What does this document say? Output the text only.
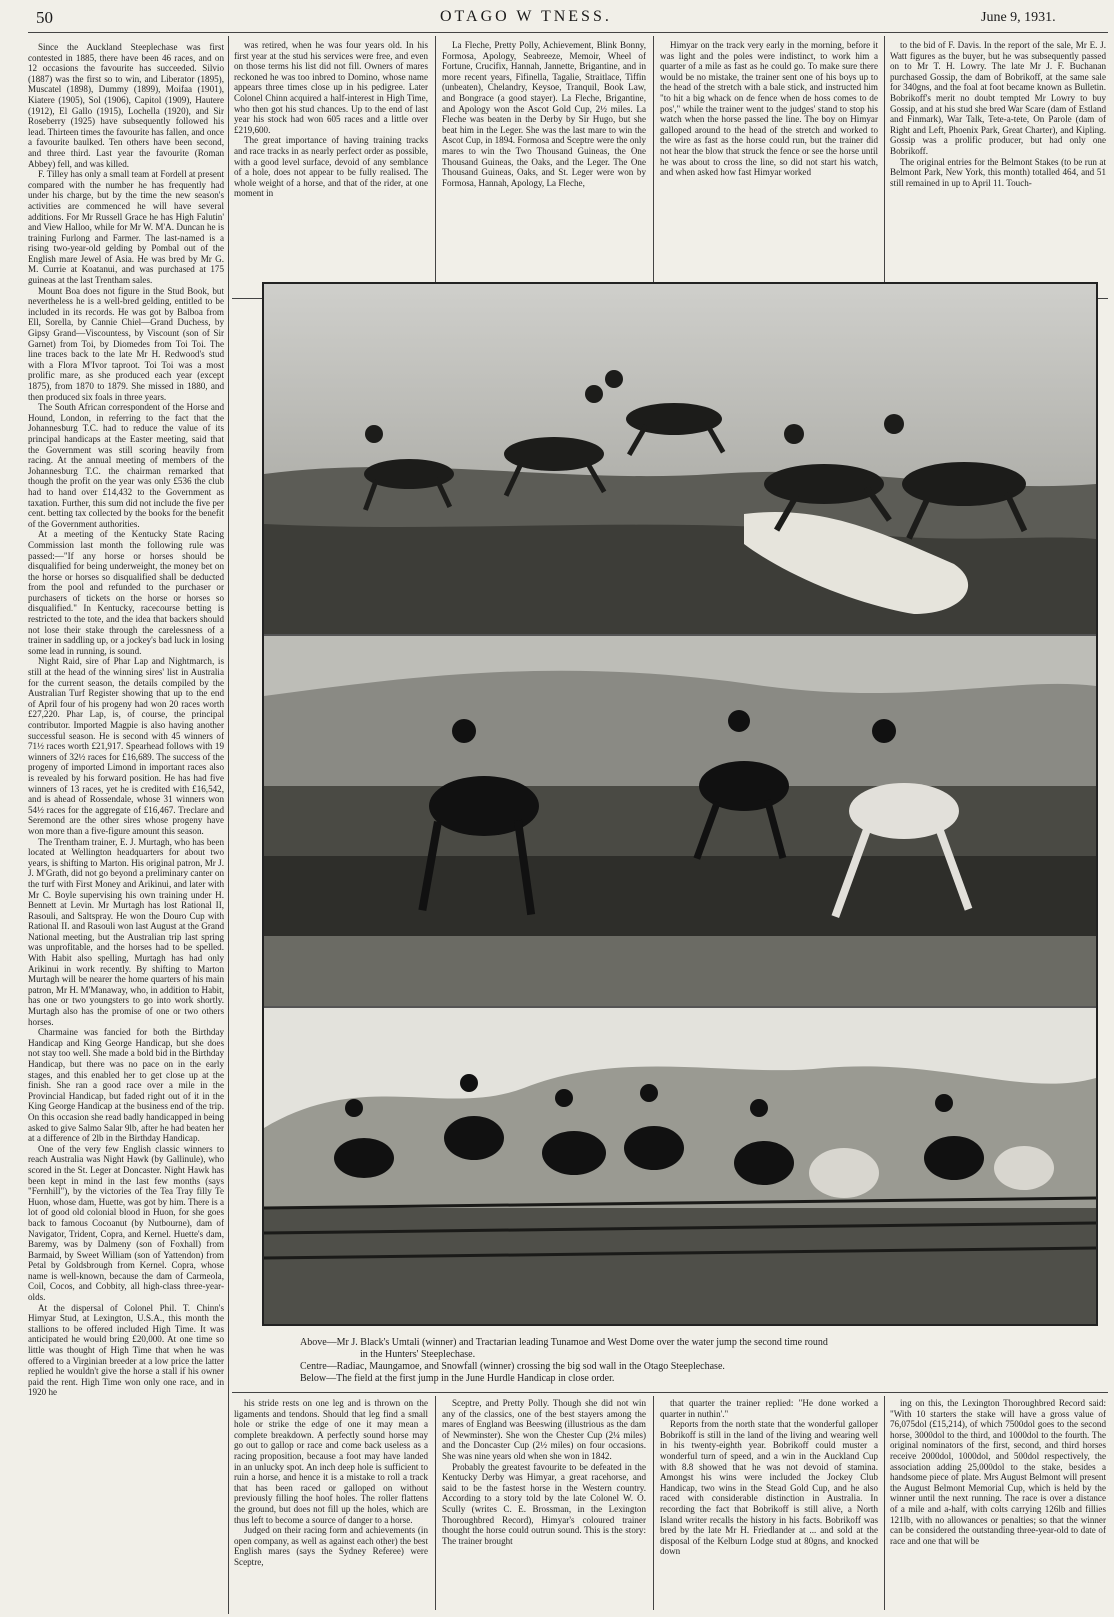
50	OTAGO W TNESS.	June 9, 1931.

Since the Auckland Steeplechase was first contested in 1885, there have been 46 races, and on 12 occasions the favourite has succeeded. Silvio (1887) was the first so to win, and Liberator (1895), Muscatel (1898), Dummy (1899), Moifaa (1901), Kiatere (1905), Sol (1906), Capitol (1909), Hautere (1912), El Gallo (1915), Lochella (1920), and Sir Roseberry (1925) have subsequently followed his lead. Thirteen times the favourite has fallen, and once a favourite baulked. Ten others have been second, and three third. Last year the favourite (Roman Abbey) fell, and was killed.

F. Tilley has only a small team at Fordell at present compared with the number he has frequently had under his charge, but by the time the new season's activities are commenced he will have several additions. For Mr Russell Grace he has High Falutin' and View Halloo, while for Mr W. M'A. Duncan he is training Furlong and Farmer. The last-named is a rising two-year-old gelding by Pombal out of the English mare Jewel of Asia. He was bred by Mr G. M. Currie at Koatanui, and was purchased at 175 guineas at the last Trentham sales.

Mount Boa does not figure in the Stud Book, but nevertheless he is a well-bred gelding, entitled to be included in its records. He was got by Balboa from Ell, Sorella, by Cannie Chiel—Grand Duchess, by Gipsy Grand—Viscountess, by Viscount (son of Sir Garnet) from Toi, by Diomedes from Toi Toi. The line traces back to the late Mr H. Redwood's stud with a Flora M'Ivor taproot. Toi Toi was a most prolific mare, as she produced each year (except 1875), from 1870 to 1879. She missed in 1880, and then produced six foals in three years.

The South African correspondent of the Horse and Hound, London, in referring to the fact that the Johannesburg T.C. had to reduce the value of its principal handicaps at the Easter meeting, said that the Government was still scoring heavily from racing. At the annual meeting of members of the Johannesburg T.C. the chairman remarked that though the profit on the year was only £536 the club had to hand over £14,432 to the Government as taxation. Further, this sum did not include the five per cent. betting tax collected by the books for the benefit of the Government authorities.

At a meeting of the Kentucky State Racing Commission last month the following rule was passed:—"If any horse or horses should be disqualified for being underweight, the money bet on the horse or horses so disqualified shall be deducted from the pool and refunded to the purchaser or purchasers of tickets on the horse or horses so disqualified." In Kentucky, racecourse betting is restricted to the tote, and the idea that backers should not lose their stake through the carelessness of a trainer in saddling up, or a jockey's bad luck in losing some lead in running, is sound.

Night Raid, sire of Phar Lap and Nightmarch, is still at the head of the winning sires' list in Australia for the current season, the details compiled by the Australian Turf Register showing that up to the end of April four of his progeny had won 20 races worth £27,220. Phar Lap, is, of course, the principal contributor. Imported Magpie is also having another successful season. He is second with 45 winners of 71½ races worth £21,917. Spearhead follows with 19 winners of 32½ races for £16,689. The success of the progeny of imported Limond in important races also is revealed by his forward position. He has had five winners of 13 races, yet he is credited with £16,542, and is ahead of Rossendale, whose 31 winners won 54½ races for the aggregate of £16,467. Treclare and Seremond are the other sires whose progeny have won more than a five-figure amount this season.

The Trentham trainer, E. J. Murtagh, who has been located at Wellington headquarters for about two years, is shifting to Marton. His original patron, Mr J. J. M'Grath, did not go beyond a preliminary canter on the turf with First Money and Arikinui, and later with Mr C. Boyle supervising his own training under H. Bennett at Levin. Mr Murtagh has lost Rational II, Rasouli, and Saltspray. He won the Douro Cup with Rational II. and Rasouli won last August at the Grand National meeting, but the Australian trip last spring was unprofitable, and the horses had to be spelled. With Habit also spelling, Murtagh has had only Arikinui in work recently. By shifting to Marton Murtagh will be nearer the home quarters of his main patron, Mr H. M'Manaway, who, in addition to Habit, has one or two youngsters to go into work shortly. Murtagh also has the promise of one or two others horses.

Charmaine was fancied for both the Birthday Handicap and King George Handicap, but she does not stay too well. She made a bold bid in the Birthday Handicap, but there was no pace on in the early stages, and this enabled her to get close up at the finish. She ran a good race over a mile in the Provincial Handicap, but faded right out of it in the King George Handicap at the business end of the trip. On this occasion she read badly handicapped in being asked to give Salmo Salar 9lb, after he had beaten her at a difference of 2lb in the Birthday Handicap.

One of the very few English classic winners to reach Australia was Night Hawk (by Gallinule), who scored in the St. Leger at Doncaster. Night Hawk has been kept in mind in the last few months (says "Fernhill"), by the victories of the Tea Tray filly Te Huon, whose dam, Huette, was got by him. There is a lot of good old colonial blood in Huon, for she goes back to famous Cocoanut (by Nutbourne), dam of Navigator, Trident, Copra, and Kernel. Huette's dam, Baremy, was by Dalmeny (son of Foxhall) from Barmaid, by Sweet William (son of Yattendon) from Petal by Goldsbrough from Kernel. Copra, whose name is well-known, because the dam of Carmeola, Coil, Cocos, and Cobbity, all high-class three-year-olds.

At the dispersal of Colonel Phil. T. Chinn's Himyar Stud, at Lexington, U.S.A., this month the stallions to be offered included High Time. It was anticipated he would bring £20,000. At one time so little was thought of High Time that when he was offered to a Virginian breeder at a low price the latter replied he wouldn't give the horse a stall if his owner paid the rent. High Time won only one race, and in 1920 he

was retired, when he was four years old. In his first year at the stud his services were free, and even on those terms his list did not fill. Owners of mares reckoned he was too inbred to Domino, whose name appears three times close up in his pedigree. Later Colonel Chinn acquired a half-interest in High Time, who then got his stud chances. Up to the end of last year his stock had won 605 races and a little over £219,600.

The great importance of having training tracks and race tracks in as nearly perfect order as possible, with a good level surface, devoid of any semblance of a hole, does not appear to be fully realised. The whole weight of a horse, and that of the rider, at one moment in

La Fleche, Pretty Polly, Achievement, Blink Bonny, Formosa, Apology, Seabreeze, Memoir, Wheel of Fortune, Crucifix, Hannah, Jannette, Brigantine, and in more recent years, Fifinella, Tagalie, Straitlace, Tiffin (unbeaten), Chelandry, Keysoe, Tranquil, Book Law, and Bongrace (a good stayer). La Fleche, Brigantine, and Apology won the Ascot Gold Cup, 2½ miles. La Fleche was beaten in the Derby by Sir Hugo, but she beat him in the Leger. She was the last mare to win the Ascot Cup, in 1894. Formosa and Sceptre were the only mares to win the Two Thousand Guineas, the One Thousand Guineas, the Oaks, and the Leger. The One Thousand Guineas, Oaks, and St. Leger were won by Formosa, Hannah, Apology, La Fleche,

Himyar on the track very early in the morning, before it was light and the poles were indistinct, to work him a quarter of a mile as fast as he could go. To make sure there would be no mistake, the trainer sent one of his boys up to the head of the stretch with a bale stick, and instructed him "to hit a big whack on de fence when de hoss comes to de pos'," while the trainer went to the judges' stand to stop his watch when the horse passed the line. The boy on Himyar galloped around to the head of the stretch and worked to the wire as fast as the horse could run, but the trainer did not hear the blow that struck the fence or see the horse until he was about to cross the line, so did not start his watch, and when asked how fast Himyar worked

to the bid of F. Davis. In the report of the sale, Mr E. J. Watt figures as the buyer, but he was subsequently passed on to Mr T. H. Lowry. The late Mr J. F. Buchanan purchased Gossip, the dam of Bobrikoff, at the same sale for 340gns, and the foal at foot became known as Bulletin. Bobrikoff's merit no doubt tempted Mr Lowry to buy Gossip, and at his stud she bred War Scare (dam of Estland and Finmark), War Talk, Tete-a-tete, On Parole (dam of Right and Left, Phoenix Park, Great Charter), and Kipling. Gossip was a prolific producer, but had only one Bobrikoff.

The original entries for the Belmont Stakes (to be run at Belmont Park, New York, this month) totalled 464, and 51 still remained in up to April 11. Touch-

Above—Mr J. Black's Umtali (winner) and Tractarian leading Tunamoe and West Dome over the water jump the second time round
in the Hunters' Steeplechase.
Centre—Radiac, Maungamoe, and Snowfall (winner) crossing the big sod wall in the Otago Steeplechase.
Below—The field at the first jump in the June Hurdle Handicap in close order.

his stride rests on one leg and is thrown on the ligaments and tendons. Should that leg find a small hole or strike the edge of one it may mean a complete breakdown. A perfectly sound horse may go out to gallop or race and come back useless as a racing proposition, because a foot may have landed in an unlucky spot. An inch deep hole is sufficient to ruin a horse, and hence it is a mistake to roll a track that has been raced or galloped on without previously filling the hoof holes. The roller flattens the ground, but does not fill up the holes, which are thus left to become a source of danger to a horse.

Judged on their racing form and achievements (in open company, as well as against each other) the best English mares (says the Sydney Referee) were Sceptre,

Sceptre, and Pretty Polly. Though she did not win any of the classics, one of the best stayers among the mares of England was Beeswing (illustrious as the dam of Newminster). She won the Chester Cup (2¼ miles) and the Doncaster Cup (2½ miles) on four occasions. She was nine years old when she won in 1842.

Probably the greatest favourite to be defeated in the Kentucky Derby was Himyar, a great racehorse, and said to be the fastest horse in the Western country. According to a story told by the late Colonel W. O. Scully (writes C. E. Brossman, in the Lexington Thoroughbred Record), Himyar's coloured trainer thought the horse could outrun sound. This is the story: The trainer brought

that quarter the trainer replied: "He done worked a quarter in nuthin'."

Reports from the north state that the wonderful galloper Bobrikoff is still in the land of the living and wearing well in his twenty-eighth year. Bobrikoff could muster a wonderful turn of speed, and a win in the Auckland Cup with 8.8 showed that he was not devoid of stamina. Amongst his wins were included the Jockey Club Handicap, two wins in the Stead Gold Cup, and he also raced with considerable distinction in Australia. In recording the fact that Bobrikoff is still alive, a North Island writer recalls the history in his facts. Bobrikoff was bred by the late Mr H. Friedlander at ... and sold at the disposal of the Kelburn Lodge stud at 80gns, and knocked down

ing on this, the Lexington Thoroughbred Record said: "With 10 starters the stake will have a gross value of 76,075dol (£15,214), of which 7500dol goes to the second horse, 3000dol to the third, and 1000dol to the fourth. The original nominators of the first, second, and third horses receive 2000dol, 1000dol, and 500dol respectively, the association adding 25,000dol to the stake, besides a handsome piece of plate. Mrs August Belmont will present the August Belmont Memorial Cup, which is held by the winner until the next running. The race is over a distance of a mile and a-half, with colts carrying 126lb and fillies 121lb, with no allowances or penalties; so that the winner can be considered the outstanding three-year-old to date of race and one that will be
